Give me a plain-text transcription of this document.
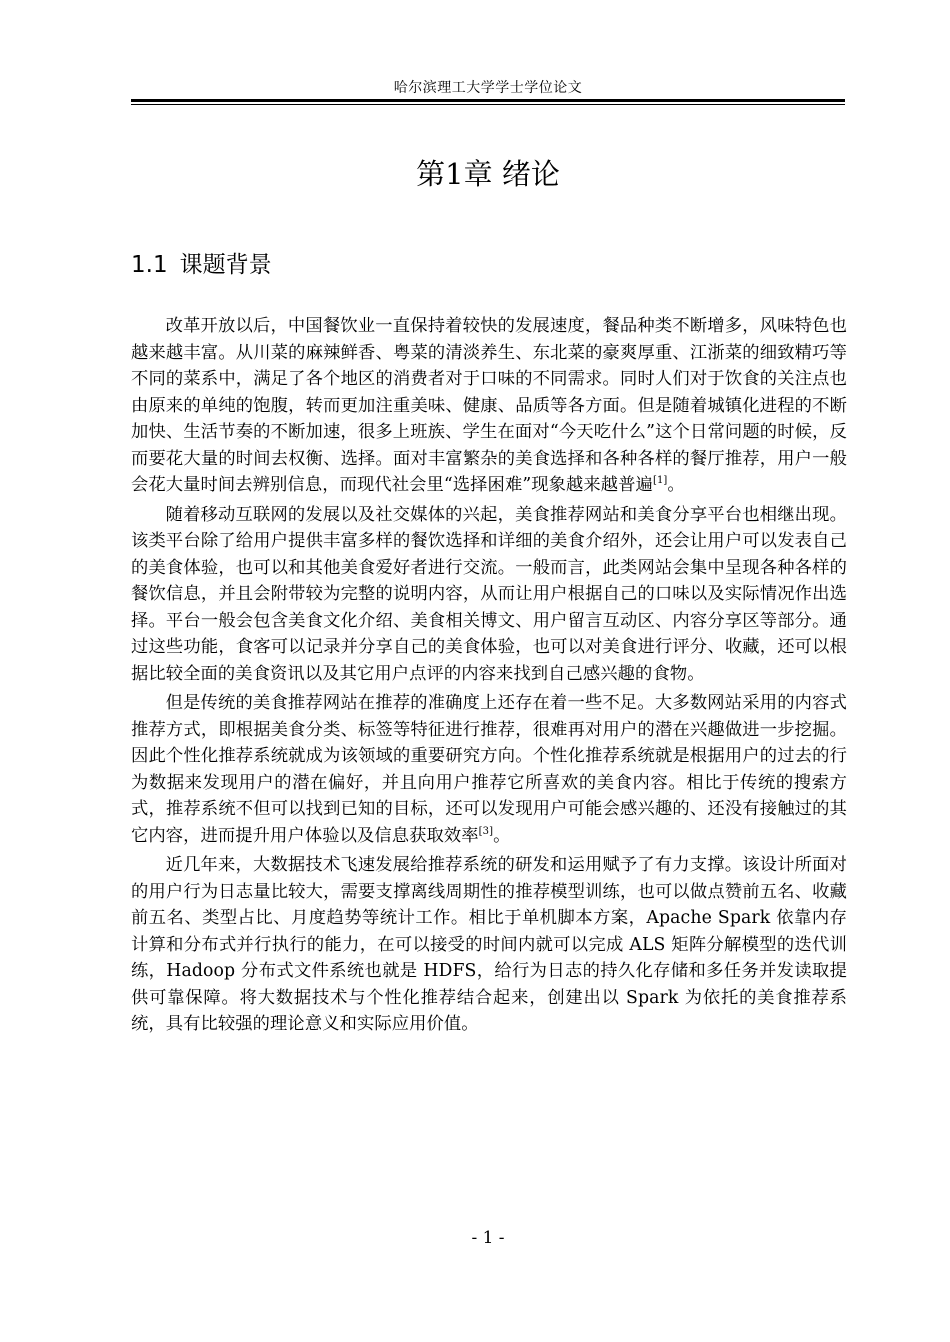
哈尔滨理工大学学士学位论文
第1章 绪论
1.1 课题背景

改革开放以后，中国餐饮业一直保持着较快的发展速度，餐品种类不断增多，风味特色也越来越丰富。从川菜的麻辣鲜香、粤菜的清淡养生、东北菜的豪爽厚重、江浙菜的细致精巧等不同的菜系中，满足了各个地区的消费者对于口味的不同需求。同时人们对于饮食的关注点也由原来的单纯的饱腹，转而更加注重美味、健康、品质等各方面。但是随着城镇化进程的不断加快、生活节奏的不断加速，很多上班族、学生在面对“今天吃什么”这个日常问题的时候，反而要花大量的时间去权衡、选择。面对丰富繁杂的美食选择和各种各样的餐厅推荐，用户一般会花大量时间去辨别信息，而现代社会里“选择困难”现象越来越普遍[1]。

随着移动互联网的发展以及社交媒体的兴起，美食推荐网站和美食分享平台也相继出现。该类平台除了给用户提供丰富多样的餐饮选择和详细的美食介绍外，还会让用户可以发表自己的美食体验，也可以和其他美食爱好者进行交流。一般而言，此类网站会集中呈现各种各样的餐饮信息，并且会附带较为完整的说明内容，从而让用户根据自己的口味以及实际情况作出选择。平台一般会包含美食文化介绍、美食相关博文、用户留言互动区、内容分享区等部分。通过这些功能，食客可以记录并分享自己的美食体验，也可以对美食进行评分、收藏，还可以根据比较全面的美食资讯以及其它用户点评的内容来找到自己感兴趣的食物。

但是传统的美食推荐网站在推荐的准确度上还存在着一些不足。大多数网站采用的内容式推荐方式，即根据美食分类、标签等特征进行推荐，很难再对用户的潜在兴趣做进一步挖掘。因此个性化推荐系统就成为该领域的重要研究方向。个性化推荐系统就是根据用户的过去的行为数据来发现用户的潜在偏好，并且向用户推荐它所喜欢的美食内容。相比于传统的搜索方式，推荐系统不但可以找到已知的目标，还可以发现用户可能会感兴趣的、还没有接触过的其它内容，进而提升用户体验以及信息获取效率[3]。

近几年来，大数据技术飞速发展给推荐系统的研发和运用赋予了有力支撑。该设计所面对的用户行为日志量比较大，需要支撑离线周期性的推荐模型训练，也可以做点赞前五名、收藏前五名、类型占比、月度趋势等统计工作。相比于单机脚本方案，Apache Spark 依靠内存计算和分布式并行执行的能力，在可以接受的时间内就可以完成 ALS 矩阵分解模型的迭代训练，Hadoop 分布式文件系统也就是 HDFS，给行为日志的持久化存储和多任务并发读取提供可靠保障。将大数据技术与个性化推荐结合起来，创建出以 Spark 为依托的美食推荐系统，具有比较强的理论意义和实际应用价值。

- 1 -
